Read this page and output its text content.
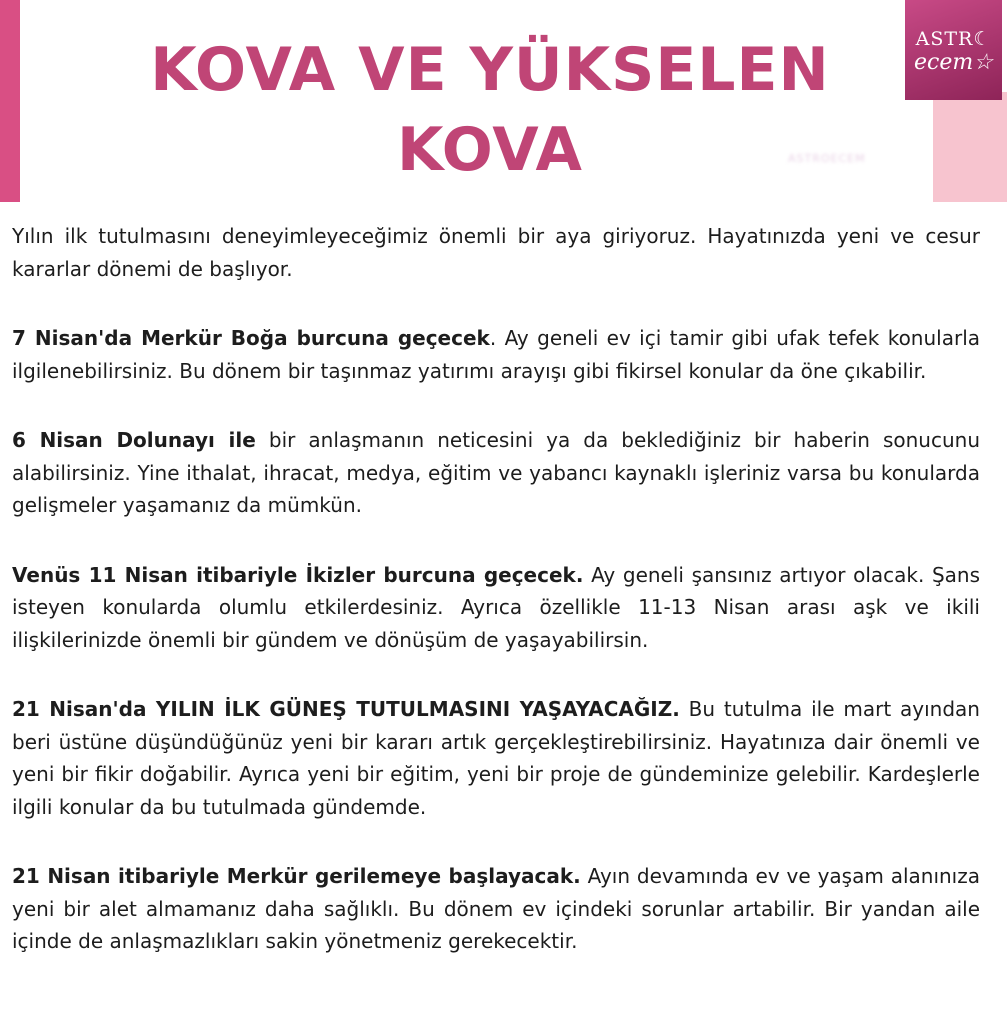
ASTR☾
ecem☆
KOVA VE YÜKSELEN
KOVA	ASTROECEM

Yılın ilk tutulmasını deneyimleyeceğimiz önemli bir aya giriyoruz. Hayatınızda yeni ve cesur kararlar dönemi de başlıyor.

7 Nisan'da Merkür Boğa burcuna geçecek. Ay geneli ev içi tamir gibi ufak tefek konularla ilgilenebilirsiniz. Bu dönem bir taşınmaz yatırımı arayışı gibi fikirsel konular da öne çıkabilir.

6 Nisan Dolunayı ile bir anlaşmanın neticesini ya da beklediğiniz bir haberin sonucunu alabilirsiniz. Yine ithalat, ihracat, medya, eğitim ve yabancı kaynaklı işleriniz varsa bu konularda gelişmeler yaşamanız da mümkün.

Venüs 11 Nisan itibariyle İkizler burcuna geçecek. Ay geneli şansınız artıyor olacak. Şans isteyen konularda olumlu etkilerdesiniz. Ayrıca özellikle 11-13 Nisan arası aşk ve ikili ilişkilerinizde önemli bir gündem ve dönüşüm de yaşayabilirsin.

21 Nisan'da YILIN İLK GÜNEŞ TUTULMASINI YAŞAYACAĞIZ. Bu tutulma ile mart ayından beri üstüne düşündüğünüz yeni bir kararı artık gerçekleştirebilirsiniz. Hayatınıza dair önemli ve yeni bir fikir doğabilir. Ayrıca yeni bir eğitim, yeni bir proje de gündeminize gelebilir. Kardeşlerle ilgili konular da bu tutulmada gündemde.

21 Nisan itibariyle Merkür gerilemeye başlayacak. Ayın devamında ev ve yaşam alanınıza yeni bir alet almamanız daha sağlıklı. Bu dönem ev içindeki sorunlar artabilir. Bir yandan aile içinde de anlaşmazlıkları sakin yönetmeniz gerekecektir.
